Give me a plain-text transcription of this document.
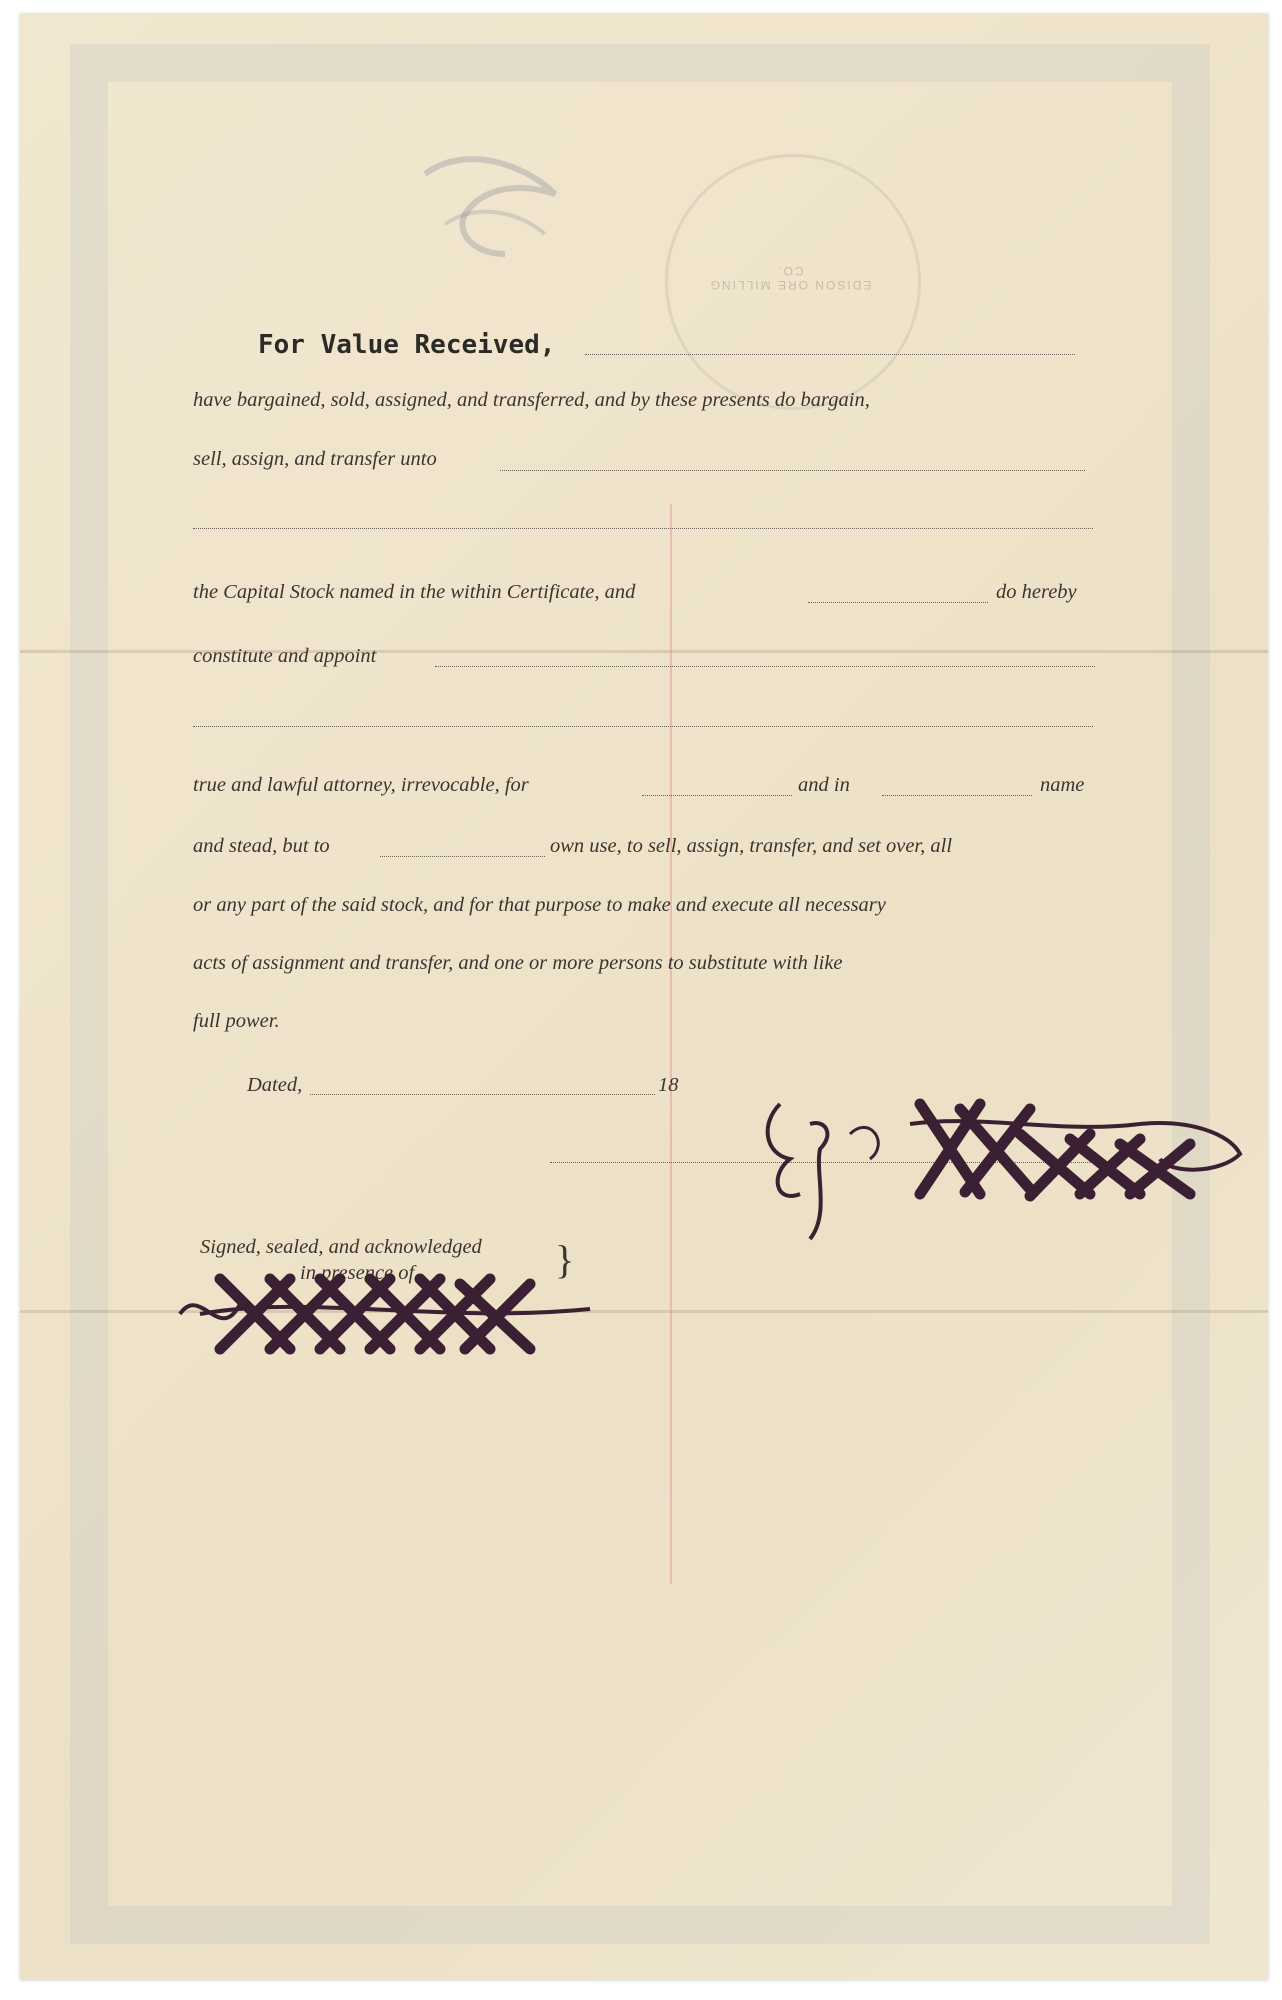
EDISON ORE MILLING CO.
For Value Received,
have bargained, sold, assigned, and transferred, and by these presents do bargain,
sell, assign, and transfer unto
the Capital Stock named in the within Certificate, and	do hereby
constitute and appoint
true and lawful attorney, irrevocable, for	and in	name
and stead, but to	own use, to sell, assign, transfer, and set over, all
or any part of the said stock, and for that purpose to make and execute all necessary
acts of assignment and transfer, and one or more persons to substitute with like
full power.
Dated,	18
Signed, sealed, and acknowledged
in presence of	}
